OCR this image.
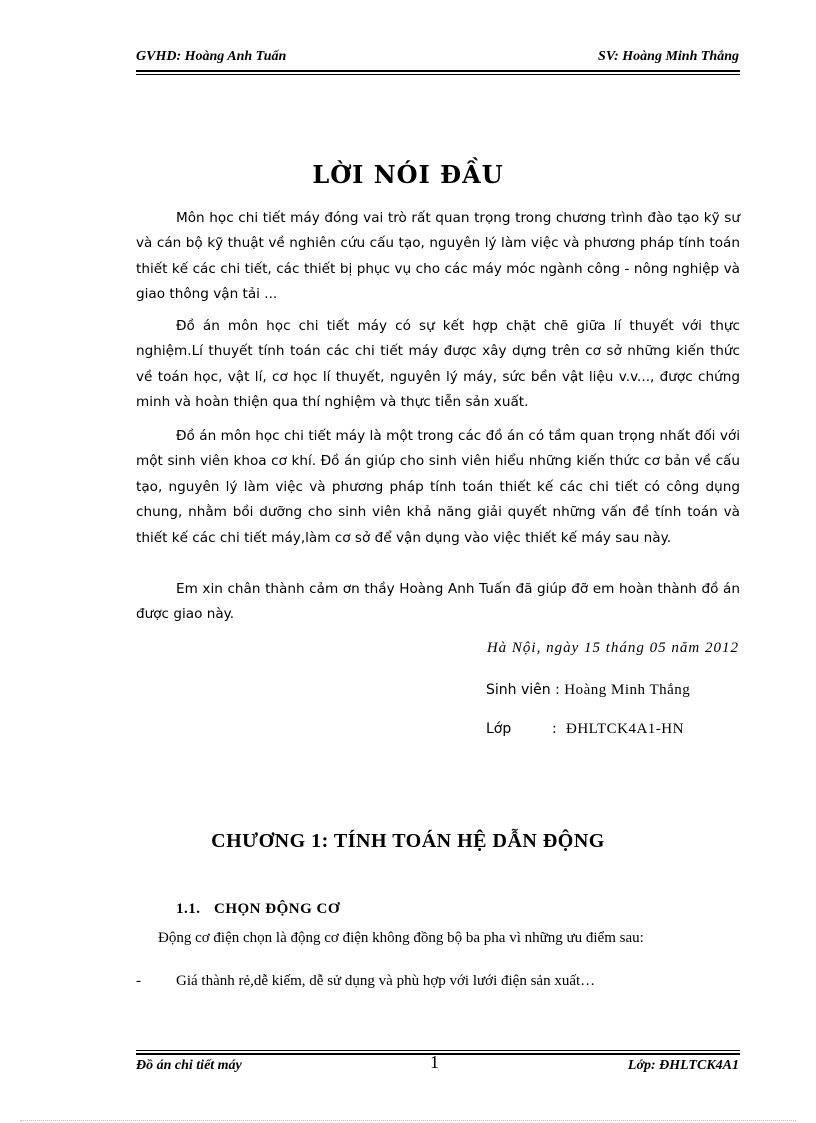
GVHD: Hoàng Anh Tuấn	SV: Hoàng Minh Thắng
LỜI NÓI ĐẦU

Môn học chi tiết máy đóng vai trò rất quan trọng trong chương trình đào tạo kỹ sư và cán bộ kỹ thuật về nghiên cứu cấu tạo, nguyên lý làm việc và phương pháp tính toán thiết kế các chi tiết, các thiết bị phục vụ cho các máy móc ngành công - nông nghiệp và giao thông vận tải ...

Đồ án môn học chi tiết máy có sự kết hợp chặt chẽ giữa lí thuyết với thực nghiệm.Lí thuyết tính toán các chi tiết máy được xây dựng trên cơ sở những kiến thức về toán học, vật lí, cơ học lí thuyết, nguyên lý máy, sức bền vật liệu v.v..., được chứng minh và hoàn thiện qua thí nghiệm và thực tiễn sản xuất.

Đồ án môn học chi tiết máy là một trong các đồ án có tầm quan trọng nhất đối với một sinh viên khoa cơ khí. Đồ án giúp cho sinh viên hiểu những kiến thức cơ bản về cấu tạo, nguyên lý làm việc và phương pháp tính toán thiết kế các chi tiết có công dụng chung, nhằm bồi dưỡng cho sinh viên khả năng giải quyết những vấn đề tính toán và thiết kế các chi tiết máy,làm cơ sở để vận dụng vào việc thiết kế máy sau này.

Em xin chân thành cảm ơn thầy Hoàng Anh Tuấn đã giúp đỡ em hoàn thành đồ án được giao này.

Hà Nội, ngày 15 tháng 05 năm 2012
Sinh viên : Hoàng Minh Thắng
Lớp	: ĐHLTCK4A1-HN
CHƯƠNG 1: TÍNH TOÁN HỆ DẪN ĐỘNG
1.1. CHỌN ĐỘNG CƠ
Động cơ điện chọn là động cơ điện không đồng bộ ba pha vì những ưu điểm sau:
- Giá thành rẻ,dễ kiếm, dễ sử dụng và phù hợp với lưới điện sản xuất…
1
Đồ án chi tiết máy	Lớp: ĐHLTCK4A1
